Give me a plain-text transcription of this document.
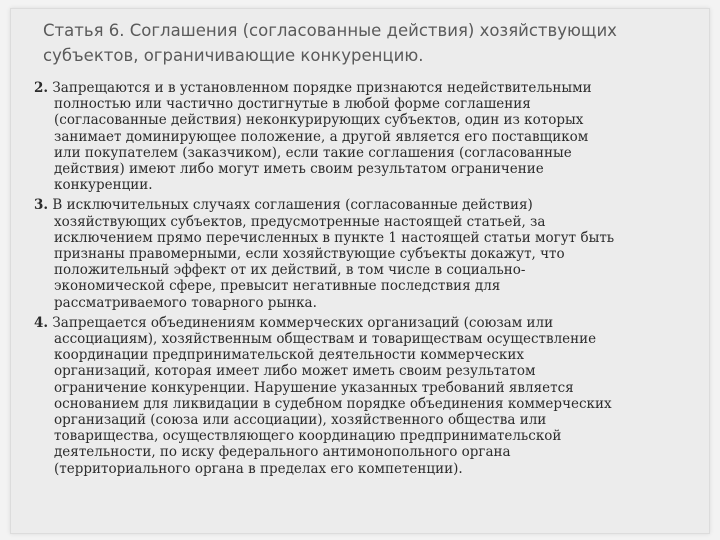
Статья 6. Соглашения (согласованные действия) хозяйствующих
субъектов, ограничивающие конкуренцию.
2. Запрещаются и в установленном порядке признаются недействительными
полностью или частично достигнутые в любой форме соглашения
(согласованные действия) неконкурирующих субъектов, один из которых
занимает доминирующее положение, а другой является его поставщиком
или покупателем (заказчиком), если такие соглашения (согласованные
действия) имеют либо могут иметь своим результатом ограничение
конкуренции.
3. В исключительных случаях соглашения (согласованные действия)
хозяйствующих субъектов, предусмотренные настоящей статьей, за
исключением прямо перечисленных в пункте 1 настоящей статьи могут быть
признаны правомерными, если хозяйствующие субъекты докажут, что
положительный эффект от их действий, в том числе в социально-
экономической сфере, превысит негативные последствия для
рассматриваемого товарного рынка.
4. Запрещается объединениям коммерческих организаций (союзам или
ассоциациям), хозяйственным обществам и товариществам осуществление
координации предпринимательской деятельности коммерческих
организаций, которая имеет либо может иметь своим результатом
ограничение конкуренции. Нарушение указанных требований является
основанием для ликвидации в судебном порядке объединения коммерческих
организаций (союза или ассоциации), хозяйственного общества или
товарищества, осуществляющего координацию предпринимательской
деятельности, по иску федерального антимонопольного органа
(территориального органа в пределах его компетенции).
